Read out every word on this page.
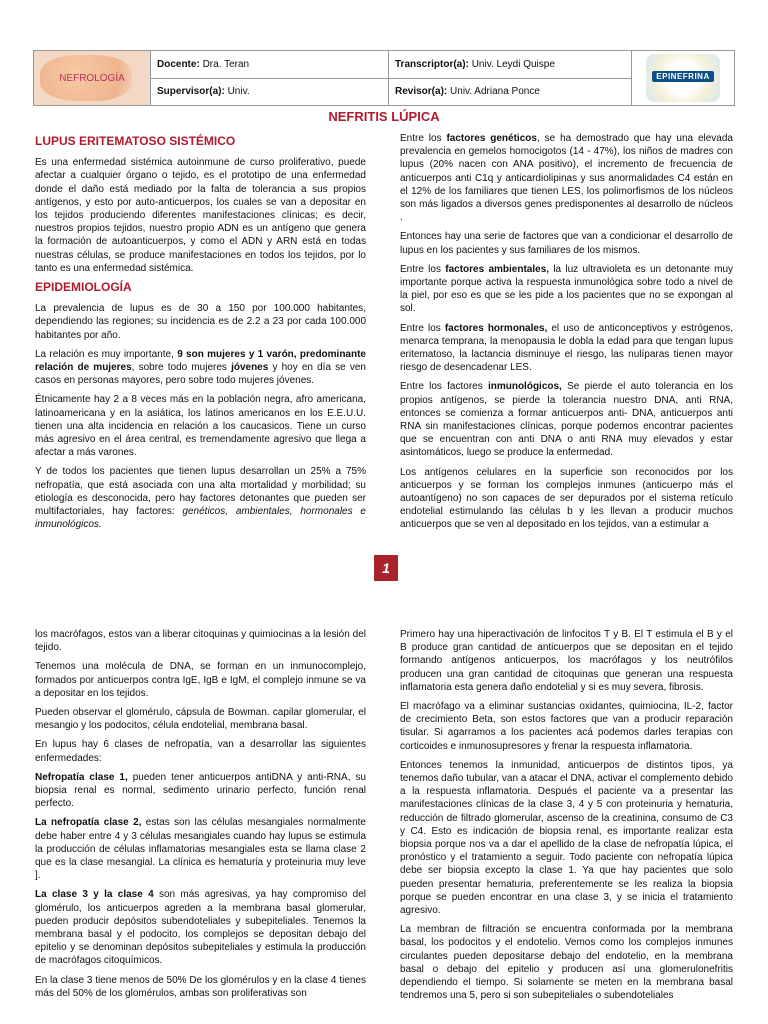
NEFROLOGÍA	Docente: Dra. Teran	Transcriptor(a): Univ. Leydi Quispe	EPINEFRINA

	Supervisor(a): Univ.	Revisor(a): Univ. Adriana Ponce	
NEFRITIS LÚPICA
LUPUS ERITEMATOSO SISTÉMICO

Es una enfermedad sistémica autoinmune de curso proliferativo, puede afectar a cualquier órgano o tejido, es el prototipo de una enfermedad donde el daño está mediado por la falta de tolerancia a sus propios antígenos, y esto por auto-anticuerpos, los cuales se van a depositar en los tejidos produciendo diferentes manifestaciones clínicas; es decir, nuestros propios tejidos, nuestro propio ADN es un antígeno que genera la formación de autoanticuerpos, y como el ADN y ARN está en todas nuestras células, se produce manifestaciones en todos los tejidos, por lo tanto es una enfermedad sistémica.

EPIDEMIOLOGÍA

La prevalencia de lupus es de 30 a 150 por 100.000 habitantes, dependiendo las regiones; su incidencia es de 2.2 a 23 por cada 100.000 habitantes por año.

La relación es muy importante, 9 son mujeres y 1 varón, predominante relación de mujeres, sobre todo mujeres jóvenes y hoy en día se ven casos en personas mayores, pero sobre todo mujeres jóvenes.

Étnicamente hay 2 a 8 veces más en la población negra, afro americana, latinoamericana y en la asiática, los latinos americanos en los E.E.U.U. tienen una alta incidencia en relación a los caucasicos. Tiene un curso más agresivo en el área central, es tremendamente agresivo que llega a afectar a más varones.

Y de todos los pacientes que tienen lupus desarrollan un 25% a 75% nefropatía, que está asociada con una alta mortalidad y morbilidad; su etiología es desconocida, pero hay factores detonantes que pueden ser multifactoriales, hay factores: genéticos, ambientales, hormonales e inmunológicos.

Entre los factores genéticos, se ha demostrado que hay una elevada prevalencia en gemelos homocigotos (14 - 47%), los niños de madres con lupus (20% nacen con ANA positivo), el incremento de frecuencia de anticuerpos anti C1q y anticardiolipinas y sus anormalidades C4 están en el 12% de los familiares que tienen LES, los polimorfismos de los núcleos son más ligados a diversos genes predisponentes al desarrollo de núcleos .

Entonces hay una serie de factores que van a condicionar el desarrollo de lupus en los pacientes y sus familiares de los mismos.

Entre los factores ambientales, la luz ultravioleta es un detonante muy importante porque activa la respuesta inmunológica sobre todo a nivel de la piel, por eso es que se les pide a los pacientes que no se expongan al sol.

Entre los factores hormonales, el uso de anticonceptivos y estrógenos, menarca temprana, la menopausia le dobla la edad para que tengan lupus eritematoso, la lactancia disminuye el riesgo, las nulíparas tienen mayor riesgo de desencadenar LES.

Entre los factores inmunológicos, Se pierde el auto tolerancia en los propios antígenos, se pierde la tolerancia nuestro DNA, anti RNA, entonces se comienza a formar anticuerpos anti- DNA, anticuerpos anti RNA sin manifestaciones clínicas, porque podemos encontrar pacientes que se encuentran con anti DNA o anti RNA muy elevados y estar asintomáticos, luego se produce la enfermedad.

Los antígenos celulares en la superficie son reconocidos por los anticuerpos y se forman los complejos inmunes (anticuerpo más el autoantígeno) no son capaces de ser depurados por el sistema retículo endotelial estimulando las células b y les llevan a producir muchos anticuerpos que se ven al depositado en los tejidos, van a estimular a

1

los macrófagos, estos van a liberar citoquinas y quimiocinas a la lesión del tejido.

Tenemos una molécula de DNA, se forman en un inmunocomplejo, formados por anticuerpos contra IgE, IgB e IgM, el complejo inmune se va a depositar en los tejidos.

Pueden observar el glomérulo, cápsula de Bowman. capilar glomerular, el mesangio y los podocitos, célula endotelial, membrana basal.

En lupus hay 6 clases de nefropatía, van a desarrollar las siguientes enfermedades:

Nefropatía clase 1, pueden tener anticuerpos antiDNA y anti-RNA, su biopsia renal es normal, sedimento urinario perfecto, función renal perfecto.

La nefropatía clase 2, estas son las células mesangiales normalmente debe haber entre 4 y 3 células mesangiales cuando hay lupus se estimula la producción de células inflamatorias mesangiales esta se llama clase 2 que es la clase mesangial. La clínica es hematuria y proteinuria muy leve ].

La clase 3 y la clase 4 son más agresivas, ya hay compromiso del glomérulo, los anticuerpos agreden a la membrana basal glomerular, pueden producir depósitos subendoteliales y subepiteliales. Tenemos la membrana basal y el podocito, los complejos se depositan debajo del epitelio y se denominan depósitos subepiteliales y estimula la producción de macrófagos citoquímicos.

En la clase 3 tiene menos de 50% De los glomérulos y en la clase 4 tienes más del 50% de los glomérulos, ambas son proliferativas son

Primero hay una hiperactivación de linfocitos T y B. El T estimula el B y el B produce gran cantidad de anticuerpos que se depositan en el tejido formando antígenos anticuerpos, los macrófagos y los neutrófilos producen una gran cantidad de citoquinas que generan una respuesta inflamatoria esta genera daño endotelial y si es muy severa, fibrosis.

El macrófago va a eliminar sustancias oxidantes, quimiocina, IL-2, factor de crecimiento Beta, son estos factores que van a producir reparación tisular. Si agarramos a los pacientes acá podemos darles terapias con corticoides e inmunosupresores y frenar la respuesta inflamatoria.

Entonces tenemos la inmunidad, anticuerpos de distintos tipos, ya tenemos daño tubular, van a atacar el DNA, activar el complemento debido a la respuesta inflamatoria. Después el paciente va a presentar las manifestaciones clínicas de la clase 3, 4 y 5 con proteinuria y hematuria, reducción de filtrado glomerular, ascenso de la creatinina, consumo de C3 y C4. Esto es indicación de biopsia renal, es importante realizar esta biopsia porque nos va a dar el apellido de la clase de nefropatía lúpica, el pronóstico y el tratamiento a seguir. Todo paciente con nefropatía lúpica debe ser biopsia excepto la clase 1. Ya que hay pacientes que solo pueden presentar hematuria, preferentemente se les realiza la biopsia porque se pueden encontrar en una clase 3, y se inicia el tratamiento agresivo.

La membran de filtración se encuentra conformada por la membrana basal, los podocitos y el endotelio. Vemos como los complejos inmunes circulantes pueden depositarse debajo del endotelio, en la membrana basal o debajo del epitelio y producen así una glomerulonefritis dependiendo el tiempo. Si solamente se meten en la membrana basal tendremos una 5, pero si son subepiteliales o subendoteliales
